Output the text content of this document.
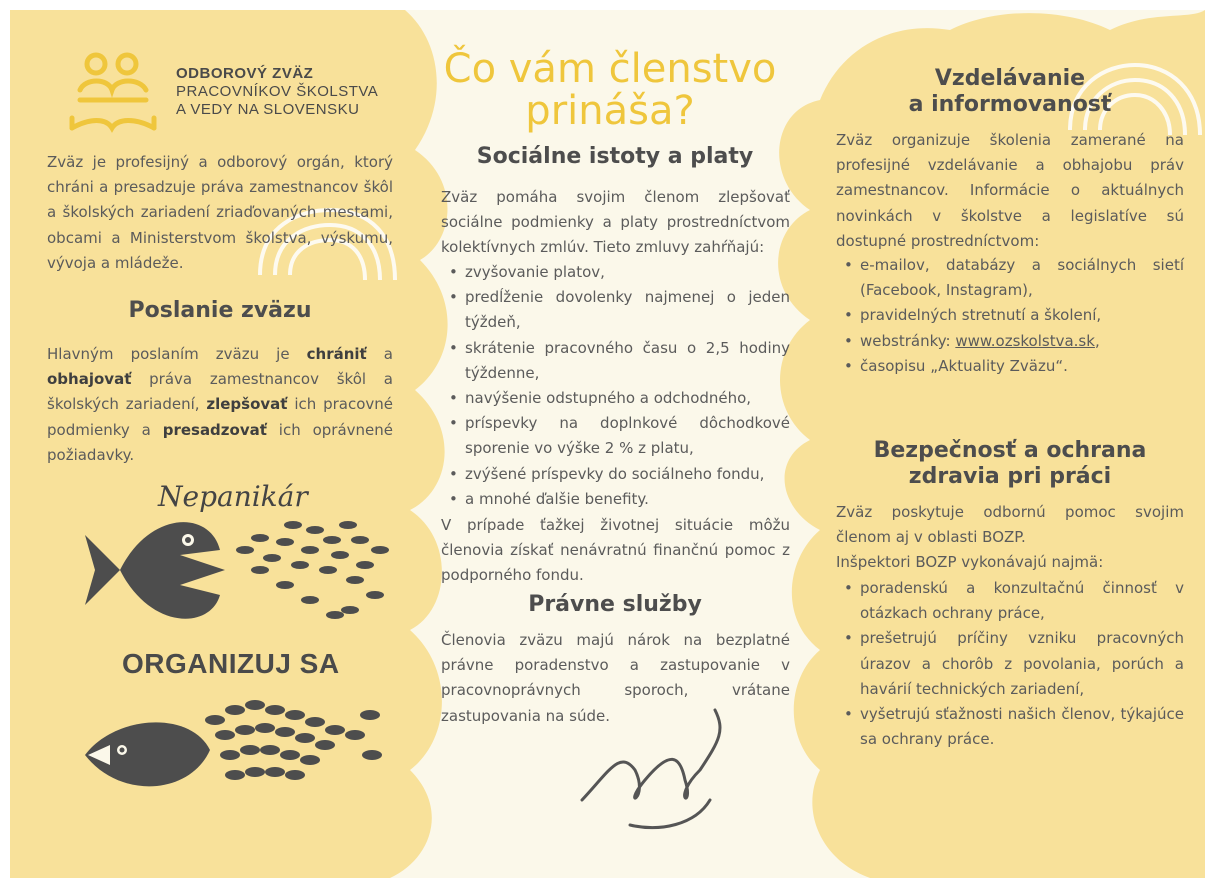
ODBOROVÝ ZVÄZ
PRACOVNÍKOV ŠKOLSTVA
A VEDY NA SLOVENSKU

Zväz je profesijný a odborový orgán, ktorý chráni a presadzuje práva zamestnancov škôl a školských zariadení zriaďovaných mestami, obcami a Ministerstvom školstva, výskumu, vývoja a mládeže.

Poslanie zväzu

Hlavným poslaním zväzu je chrániť a obhajovať práva zamestnancov škôl a školských zariadení, zlepšovať ich pracovné podmienky a presadzovať ich oprávnené požiadavky.

Nepanikár
ORGANIZUJ SA
Čo vám členstvo
prináša?
Sociálne istoty a platy

Zväz pomáha svojim členom zlepšovať sociálne podmienky a platy prostredníctvom kolektívnych zmlúv. Tieto zmluvy zahŕňajú:

• zvyšovanie platov,
• predĺženie dovolenky najmenej o jeden týždeň,
• skrátenie pracovného času o 2,5 hodiny týždenne,
• navýšenie odstupného a odchodného,
• príspevky na doplnkové dôchodkové sporenie vo výške 2 % z platu,
• zvýšené príspevky do sociálneho fondu,
• a mnohé ďalšie benefity.

V prípade ťažkej životnej situácie môžu členovia získať nenávratnú finančnú pomoc z podporného fondu.

Právne služby

Členovia zväzu majú nárok na bezplatné právne poradenstvo a zastupovanie v pracovnoprávnych sporoch, vrátane zastupovania na súde.

Vzdelávanie
a informovanosť

Zväz organizuje školenia zamerané na profesijné vzdelávanie a obhajobu práv zamestnancov. Informácie o aktuálnych novinkách v školstve a legislatíve sú dostupné prostredníctvom:

• e-mailov, databázy a sociálnych sietí (Facebook, Instagram),
• pravidelných stretnutí a školení,
• webstránky: www.ozskolstva.sk,
• časopisu „Aktuality Zväzu“.
Bezpečnosť a ochrana
zdravia pri práci

Zväz poskytuje odbornú pomoc svojim členom aj v oblasti BOZP.

Inšpektori BOZP vykonávajú najmä:

• poradenskú a konzultačnú činnosť v otázkach ochrany práce,
• prešetrujú príčiny vzniku pracovných úrazov a chorôb z povolania, porúch a havárií technických zariadení,
• vyšetrujú sťažnosti našich členov, týkajúce sa ochrany práce.
